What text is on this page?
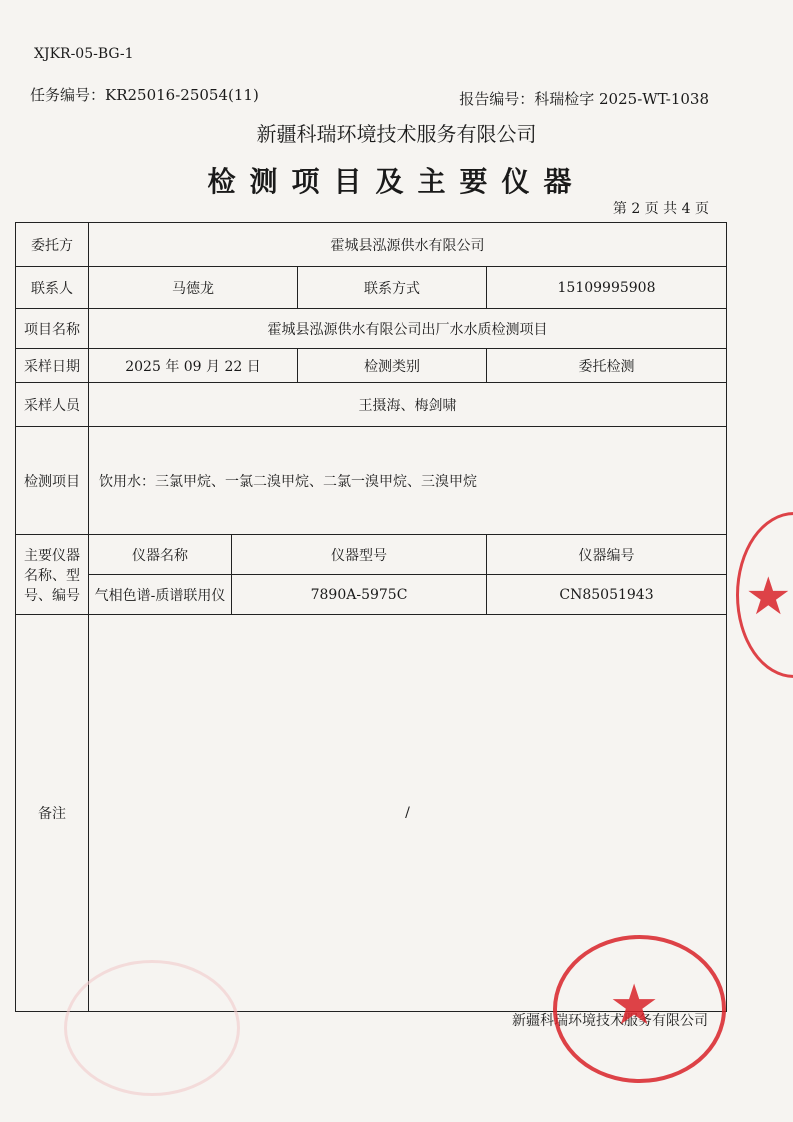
XJKR-05-BG-1
任务编号：KR25016-25054(11)	报告编号：科瑞检字 2025-WT-1038
新疆科瑞环境技术服务有限公司
检测项目及主要仪器
第 2 页 共 4 页
委托方	霍城县泓源供水有限公司			
联系人	马德龙		联系方式	15109995908
项目名称	霍城县泓源供水有限公司出厂水水质检测项目			
采样日期	2025 年 09 月 22 日		检测类别	委托检测
采样人员	王摄海、梅剑啸			
检测项目	饮用水：三氯甲烷、一氯二溴甲烷、二氯一溴甲烷、三溴甲烷			
主要仪器名称、型号、编号	仪器名称	仪器型号		仪器编号
	气相色谱-质谱联用仪	7890A-5975C		CN85051943
备注	/			
★
新疆科瑞环境技术服务有限公司
★
